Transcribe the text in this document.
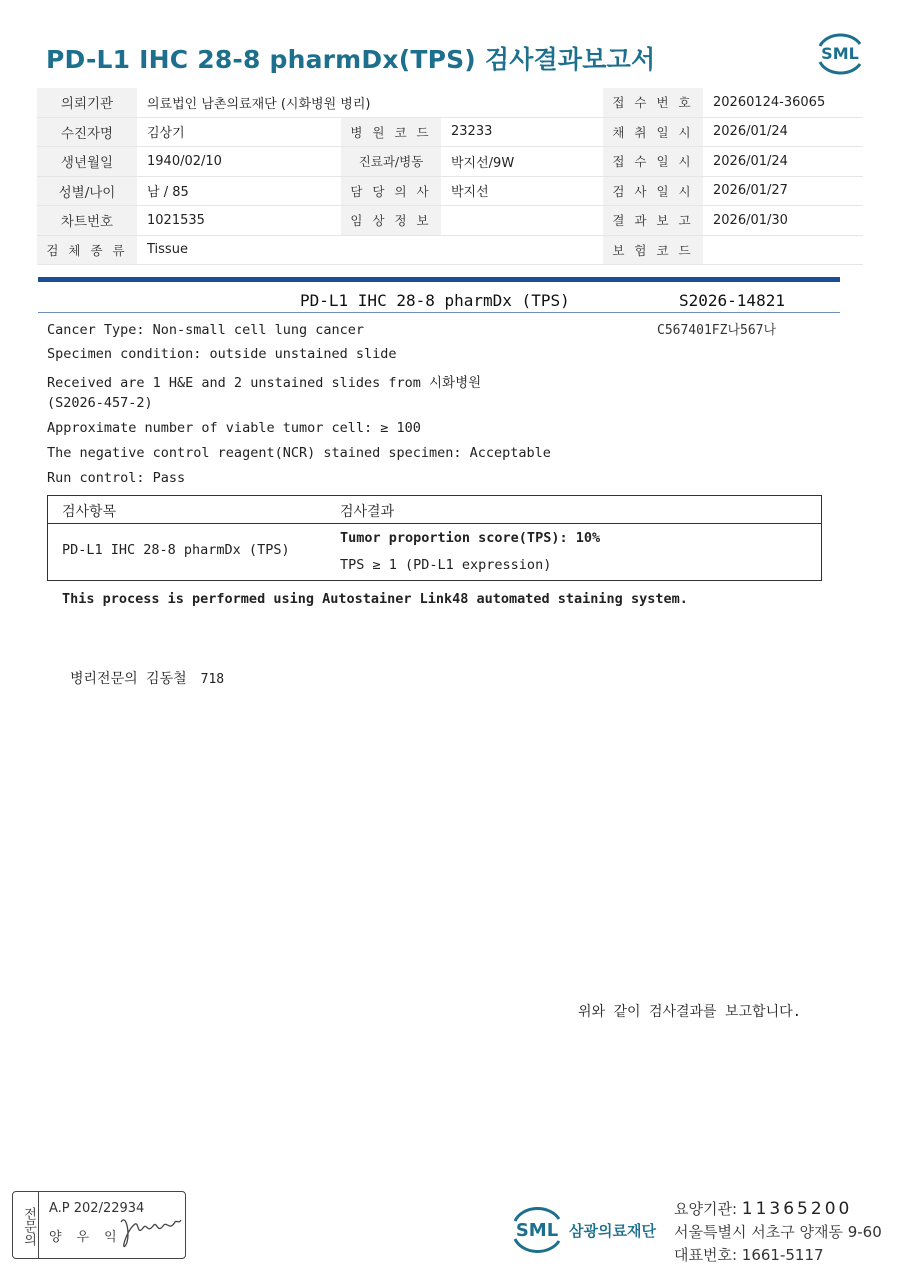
PD-L1 IHC 28-8 pharmDx(TPS) 검사결과보고서	SML
의뢰기관	의료법인 남촌의료재단 (시화병원 병리)			접 수 번 호	20260124-36065
수진자명	김상기	병 원 코 드	23233	채 취 일 시	2026/01/24
생년월일	1940/02/10	진료과/병동	박지선/9W	접 수 일 시	2026/01/24
성별/나이	남 / 85	담 당 의 사	박지선	검 사 일 시	2026/01/27
차트번호	1021535	임 상 정 보		결 과 보 고	2026/01/30
검 체 종 류	Tissue			보 험 코 드	
PD-L1 IHC 28-8 pharmDx (TPS)	S2026-14821
C567401FZ나567나
Cancer Type: Non-small cell lung cancer
Specimen condition: outside unstained slide
Received are 1 H&E and 2 unstained slides from 시화병원
(S2026-457-2)
Approximate number of viable tumor cell: ≥ 100
The negative control reagent(NCR) stained specimen: Acceptable
Run control: Pass
검사항목	검사결과
PD-L1 IHC 28-8 pharmDx (TPS)
Tumor proportion score(TPS): 10%
TPS ≥ 1 (PD-L1 expression)
This process is performed using Autostainer Link48 automated staining system.
병리전문의 김동철 718
위와 같이 검사결과를 보고합니다.
전문의 A.P 202/22934
양우익	SML 삼광의료재단
요양기관: 11365200
서울특별시 서초구 양재동 9-60
대표번호: 1661-5117
